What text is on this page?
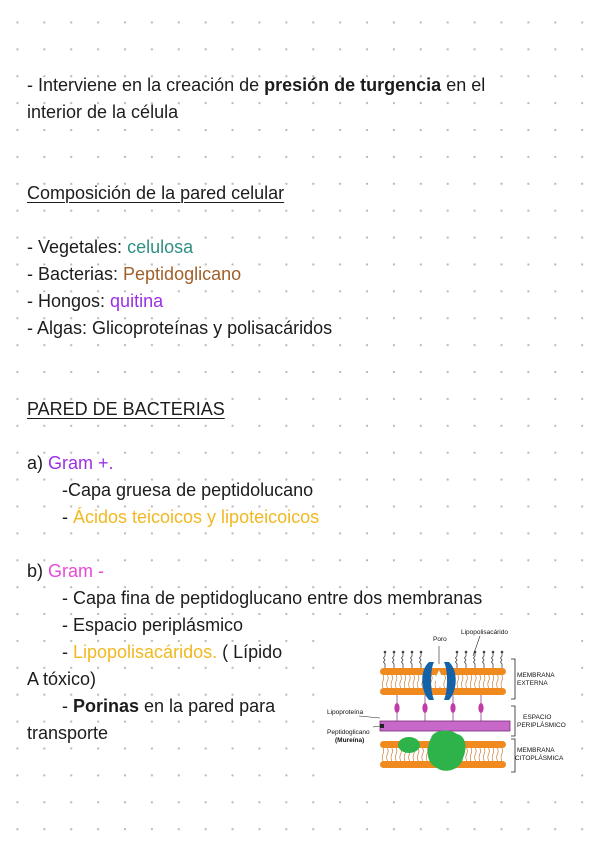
- Interviene en la creación de presión de turgencia en el
interior de la célula
Composición de la pared celular
- Vegetales: celulosa
- Bacterias: Peptidoglicano
- Hongos: quitina
- Algas: Glicoproteínas y polisacáridos
PARED DE BACTERIAS
a) Gram +.
-Capa gruesa de peptidolucano
- Ácidos teicoicos y lipoteicoicos
b) Gram -
- Capa fina de peptidoglucano entre dos membranas
- Espacio periplásmico
- Lipopolisacáridos. ( Lípido
A tóxico)
- Porinas en la pared para
transporte
Poro
Lipopolisacárido
Lipoproteína
Peptidoglicano
(Mureína)
MEMBRANA
EXTERNA
ESPACIO
PERIPLÁSMICO
MEMBRANA
CITOPLÁSMICA
